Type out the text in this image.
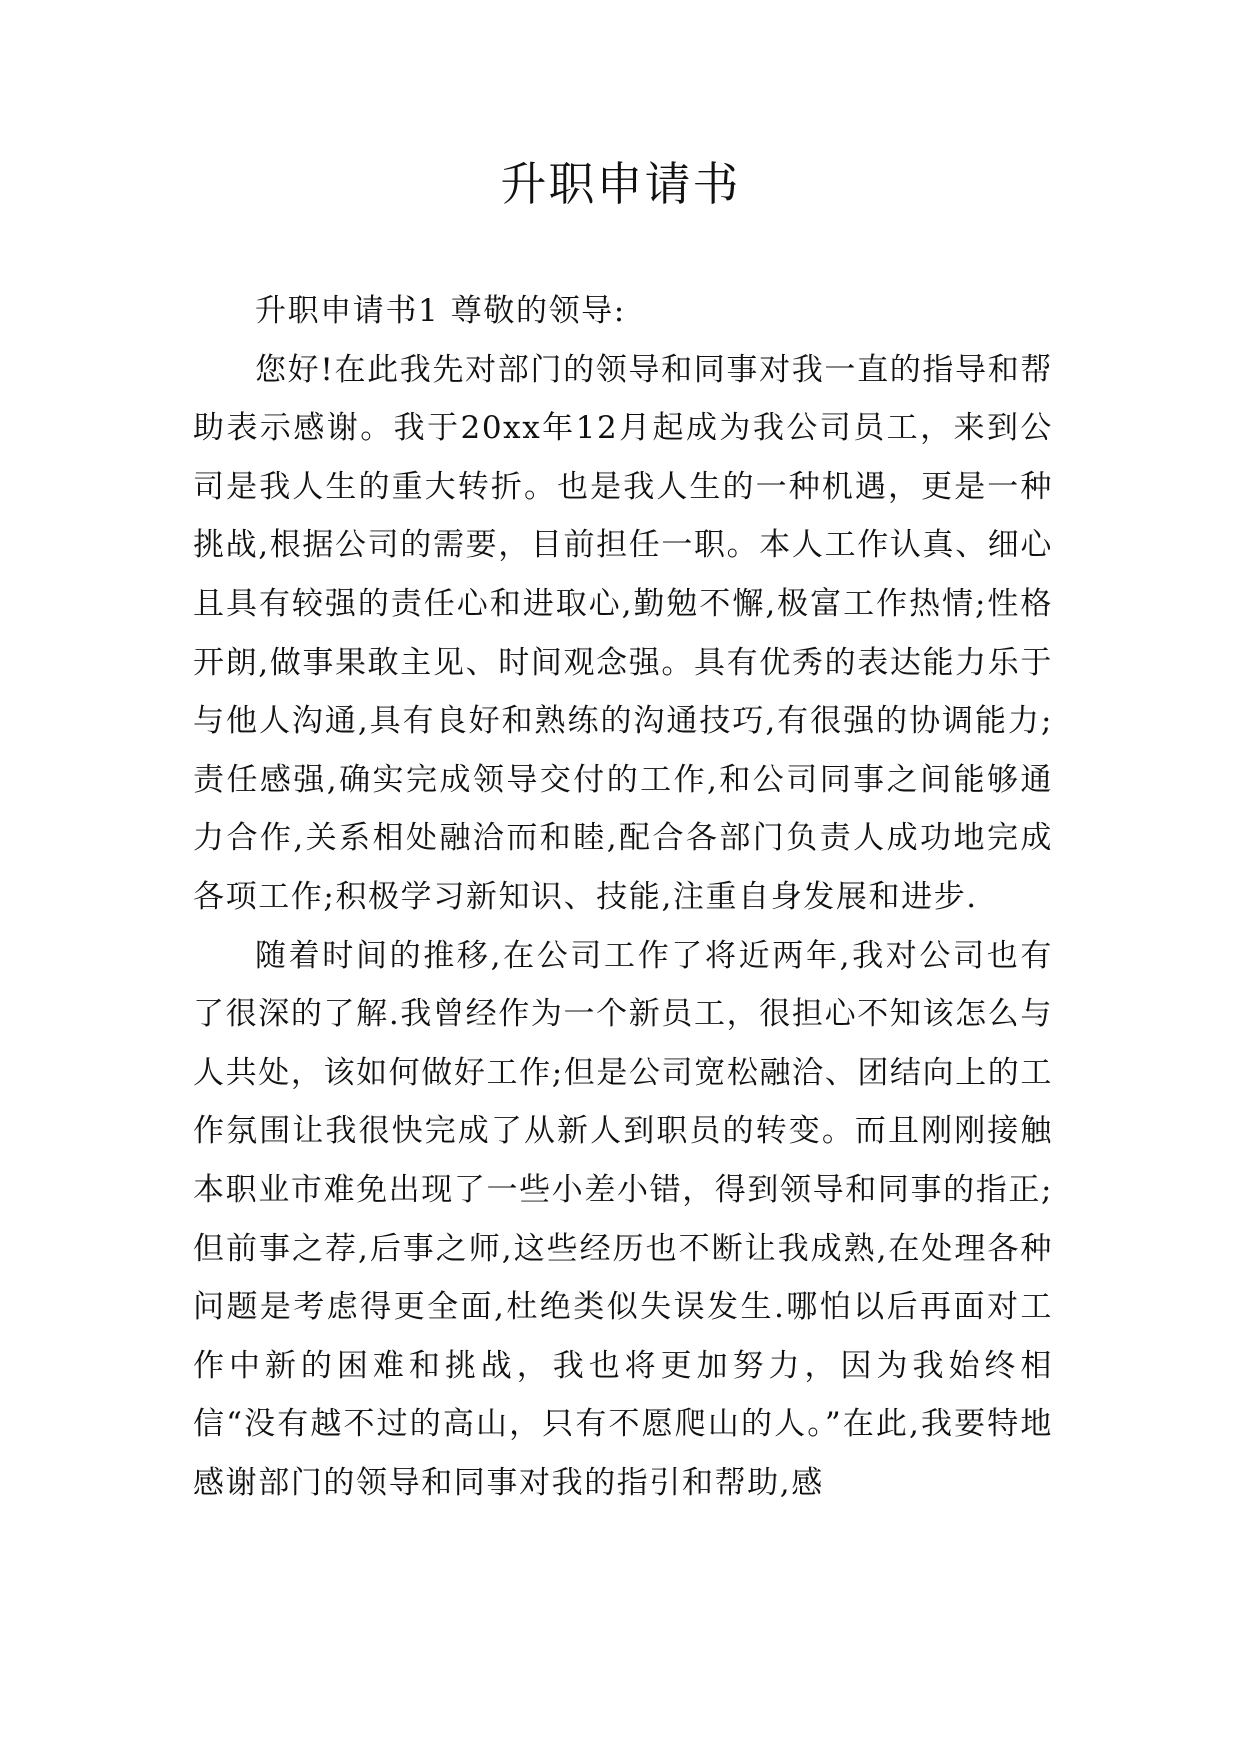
升职申请书

升职申请书1 尊敬的领导:

您好!在此我先对部门的领导和同事对我一直的指导和帮助表示感谢。我于20xx年12月起成为我公司员工，来到公司是我人生的重大转折。也是我人生的一种机遇，更是一种挑战,根据公司的需要，目前担任一职。本人工作认真、细心且具有较强的责任心和进取心,勤勉不懈,极富工作热情;性格开朗,做事果敢主见、时间观念强。具有优秀的表达能力乐于与他人沟通,具有良好和熟练的沟通技巧,有很强的协调能力;责任感强,确实完成领导交付的工作,和公司同事之间能够通力合作,关系相处融洽而和睦,配合各部门负责人成功地完成各项工作;积极学习新知识、技能,注重自身发展和进步.

随着时间的推移,在公司工作了将近两年,我对公司也有了很深的了解.我曾经作为一个新员工，很担心不知该怎么与人共处，该如何做好工作;但是公司宽松融洽、团结向上的工作氛围让我很快完成了从新人到职员的转变。而且刚刚接触本职业市难免出现了一些小差小错，得到领导和同事的指正;但前事之荐,后事之师,这些经历也不断让我成熟,在处理各种问题是考虑得更全面,杜绝类似失误发生.哪怕以后再面对工作中新的困难和挑战，我也将更加努力，因为我始终相信“没有越不过的高山，只有不愿爬山的人。”在此,我要特地感谢部门的领导和同事对我的指引和帮助,感
